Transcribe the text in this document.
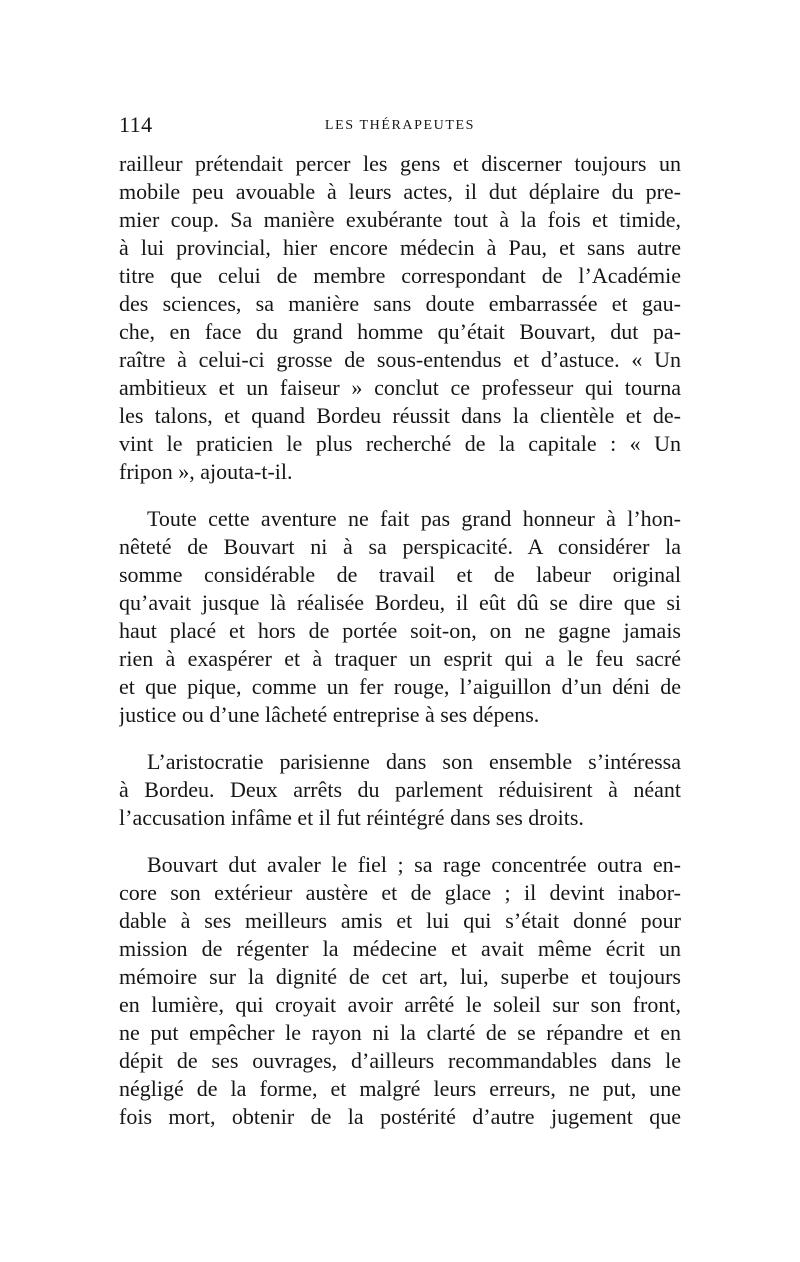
114	LES THÉRAPEUTES
railleur prétendait percer les gens et discerner toujours un
mobile peu avouable à leurs actes, il dut déplaire du pre-
mier coup. Sa manière exubérante tout à la fois et timide,
à lui provincial, hier encore médecin à Pau, et sans autre
titre que celui de membre correspondant de l’Académie
des sciences, sa manière sans doute embarrassée et gau-
che, en face du grand homme qu’était Bouvart, dut pa-
raître à celui-ci grosse de sous-entendus et d’astuce. « Un
ambitieux et un faiseur » conclut ce professeur qui tourna
les talons, et quand Bordeu réussit dans la clientèle et de-
vint le praticien le plus recherché de la capitale : « Un
fripon », ajouta-t-il.
Toute cette aventure ne fait pas grand honneur à l’hon-
nêteté de Bouvart ni à sa perspicacité. A considérer la
somme considérable de travail et de labeur original
qu’avait jusque là réalisée Bordeu, il eût dû se dire que si
haut placé et hors de portée soit-on, on ne gagne jamais
rien à exaspérer et à traquer un esprit qui a le feu sacré
et que pique, comme un fer rouge, l’aiguillon d’un déni de
justice ou d’une lâcheté entreprise à ses dépens.
L’aristocratie parisienne dans son ensemble s’intéressa
à Bordeu. Deux arrêts du parlement réduisirent à néant
l’accusation infâme et il fut réintégré dans ses droits.
Bouvart dut avaler le fiel ; sa rage concentrée outra en-
core son extérieur austère et de glace ; il devint inabor-
dable à ses meilleurs amis et lui qui s’était donné pour
mission de régenter la médecine et avait même écrit un
mémoire sur la dignité de cet art, lui, superbe et toujours
en lumière, qui croyait avoir arrêté le soleil sur son front,
ne put empêcher le rayon ni la clarté de se répandre et en
dépit de ses ouvrages, d’ailleurs recommandables dans le
négligé de la forme, et malgré leurs erreurs, ne put, une
fois mort, obtenir de la postérité d’autre jugement que
